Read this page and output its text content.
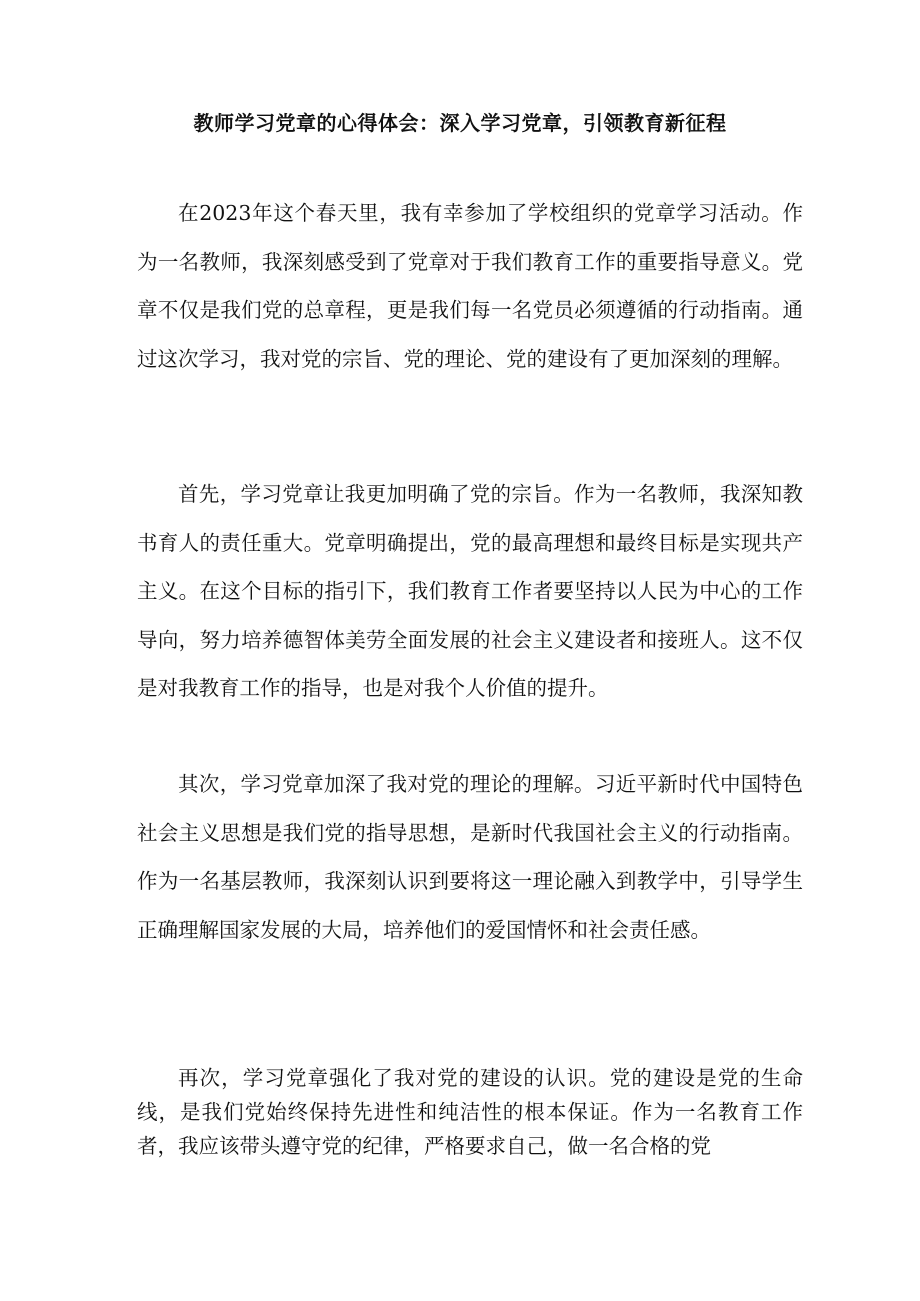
教师学习党章的心得体会：深入学习党章，引领教育新征程

在2023年这个春天里，我有幸参加了学校组织的党章学习活动。作为一名教师，我深刻感受到了党章对于我们教育工作的重要指导意义。党章不仅是我们党的总章程，更是我们每一名党员必须遵循的行动指南。通过这次学习，我对党的宗旨、党的理论、党的建设有了更加深刻的理解。

首先，学习党章让我更加明确了党的宗旨。作为一名教师，我深知教书育人的责任重大。党章明确提出，党的最高理想和最终目标是实现共产主义。在这个目标的指引下，我们教育工作者要坚持以人民为中心的工作导向，努力培养德智体美劳全面发展的社会主义建设者和接班人。这不仅是对我教育工作的指导，也是对我个人价值的提升。

其次，学习党章加深了我对党的理论的理解。习近平新时代中国特色社会主义思想是我们党的指导思想，是新时代我国社会主义的行动指南。作为一名基层教师，我深刻认识到要将这一理论融入到教学中，引导学生正确理解国家发展的大局，培养他们的爱国情怀和社会责任感。

再次，学习党章强化了我对党的建设的认识。党的建设是党的生命线，是我们党始终保持先进性和纯洁性的根本保证。作为一名教育工作者，我应该带头遵守党的纪律，严格要求自己，做一名合格的党
